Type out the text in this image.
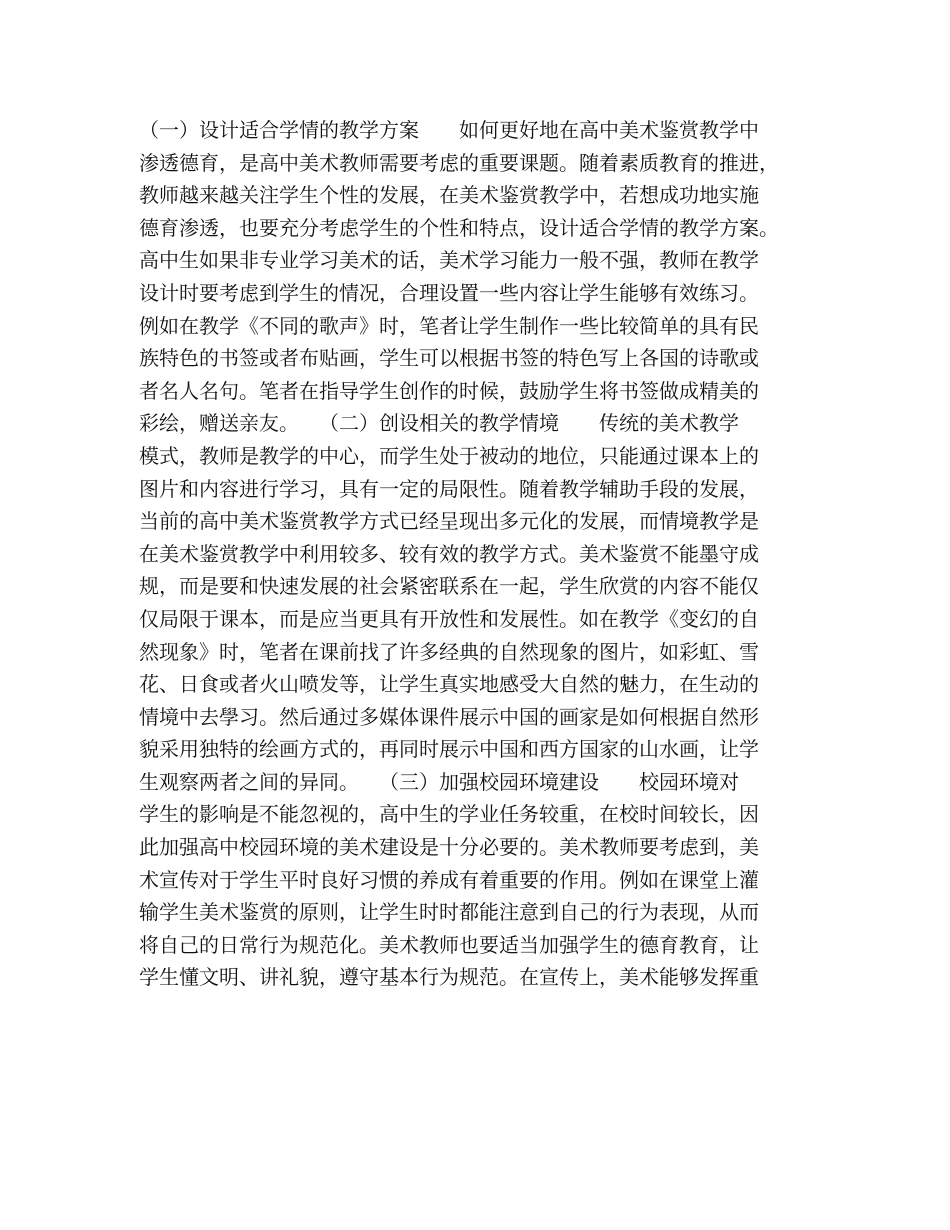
（一）设计适合学情的教学方案　　如何更好地在高中美术鉴赏教学中
渗透德育，是高中美术教师需要考虑的重要课题。随着素质教育的推进，
教师越来越关注学生个性的发展，在美术鉴赏教学中，若想成功地实施
德育渗透，也要充分考虑学生的个性和特点，设计适合学情的教学方案。
高中生如果非专业学习美术的话，美术学习能力一般不强，教师在教学
设计时要考虑到学生的情况，合理设置一些内容让学生能够有效练习。
例如在教学《不同的歌声》时，笔者让学生制作一些比较简单的具有民
族特色的书签或者布贴画，学生可以根据书签的特色写上各国的诗歌或
者名人名句。笔者在指导学生创作的时候，鼓励学生将书签做成精美的
彩绘，赠送亲友。　　（二）创设相关的教学情境　　传统的美术教学
模式，教师是教学的中心，而学生处于被动的地位，只能通过课本上的
图片和内容进行学习，具有一定的局限性。随着教学辅助手段的发展，
当前的高中美术鉴赏教学方式已经呈现出多元化的发展，而情境教学是
在美术鉴赏教学中利用较多、较有效的教学方式。美术鉴赏不能墨守成
规，而是要和快速发展的社会紧密联系在一起，学生欣赏的内容不能仅
仅局限于课本，而是应当更具有开放性和发展性。如在教学《变幻的自
然现象》时，笔者在课前找了许多经典的自然现象的图片，如彩虹、雪
花、日食或者火山喷发等，让学生真实地感受大自然的魅力，在生动的
情境中去學习。然后通过多媒体课件展示中国的画家是如何根据自然形
貌采用独特的绘画方式的，再同时展示中国和西方国家的山水画，让学
生观察两者之间的异同。　　（三）加强校园环境建设　　校园环境对
学生的影响是不能忽视的，高中生的学业任务较重，在校时间较长，因
此加强高中校园环境的美术建设是十分必要的。美术教师要考虑到，美
术宣传对于学生平时良好习惯的养成有着重要的作用。例如在课堂上灌
输学生美术鉴赏的原则，让学生时时都能注意到自己的行为表现，从而
将自己的日常行为规范化。美术教师也要适当加强学生的德育教育，让
学生懂文明、讲礼貌，遵守基本行为规范。在宣传上，美术能够发挥重
